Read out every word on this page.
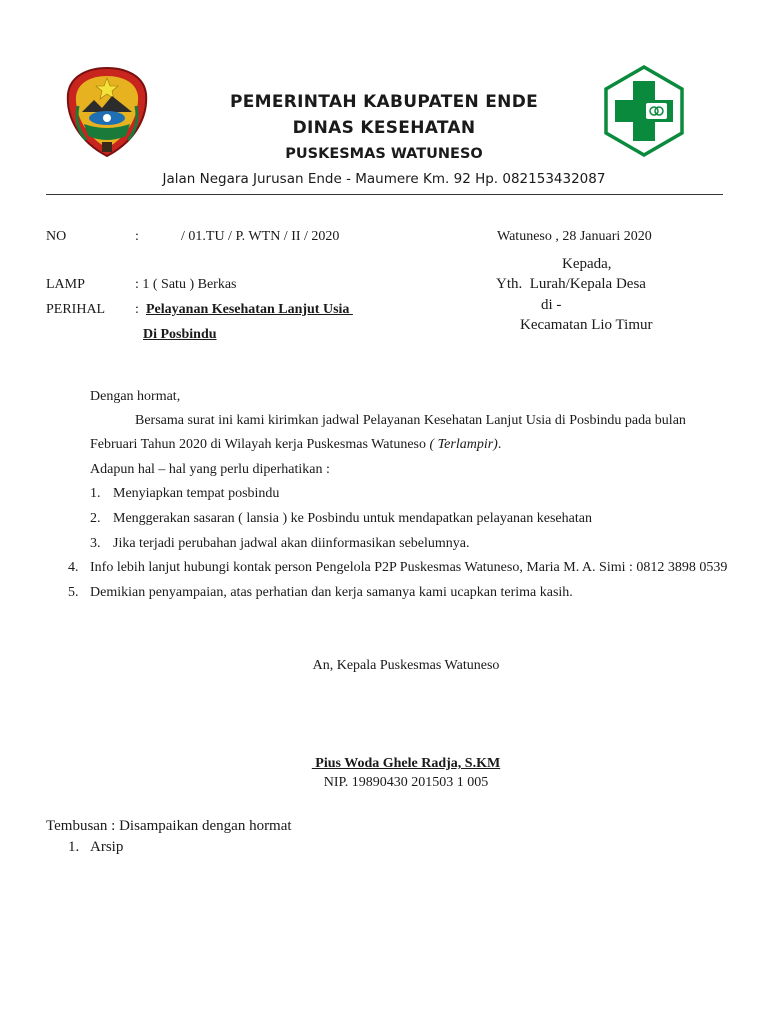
PEMERINTAH KABUPATEN ENDE
DINAS KESEHATAN
PUSKESMAS WATUNESO
Jalan Negara Jurusan Ende - Maumere Km. 92 Hp. 082153432087
NO	:	/ 01.TU / P. WTN / II / 2020	Watuneso , 28 Januari 2020
LAMP	: 1 ( Satu ) Berkas
PERIHAL : Pelayanan Kesehatan Lanjut Usia
Di Posbindu
Kepada,
Yth.  Lurah/Kepala Desa
di -
Kecamatan Lio Timur
Dengan hormat,
Bersama surat ini kami kirimkan jadwal Pelayanan Kesehatan Lanjut Usia di Posbindu pada bulan
Februari Tahun 2020 di Wilayah kerja Puskesmas Watuneso ( Terlampir).
Adapun hal – hal yang perlu diperhatikan :
1. Menyiapkan tempat posbindu
2. Menggerakan sasaran ( lansia ) ke Posbindu untuk mendapatkan pelayanan kesehatan
3. Jika terjadi perubahan jadwal akan diinformasikan sebelumnya.
4. Info lebih lanjut hubungi kontak person Pengelola P2P Puskesmas Watuneso, Maria M. A. Simi : 0812 3898 0539
5. Demikian penyampaian, atas perhatian dan kerja samanya kami ucapkan terima kasih.
An, Kepala Puskesmas Watuneso
Pius Woda Ghele Radja, S.KM
NIP. 19890430 201503 1 005
Tembusan : Disampaikan dengan hormat
1. Arsip
